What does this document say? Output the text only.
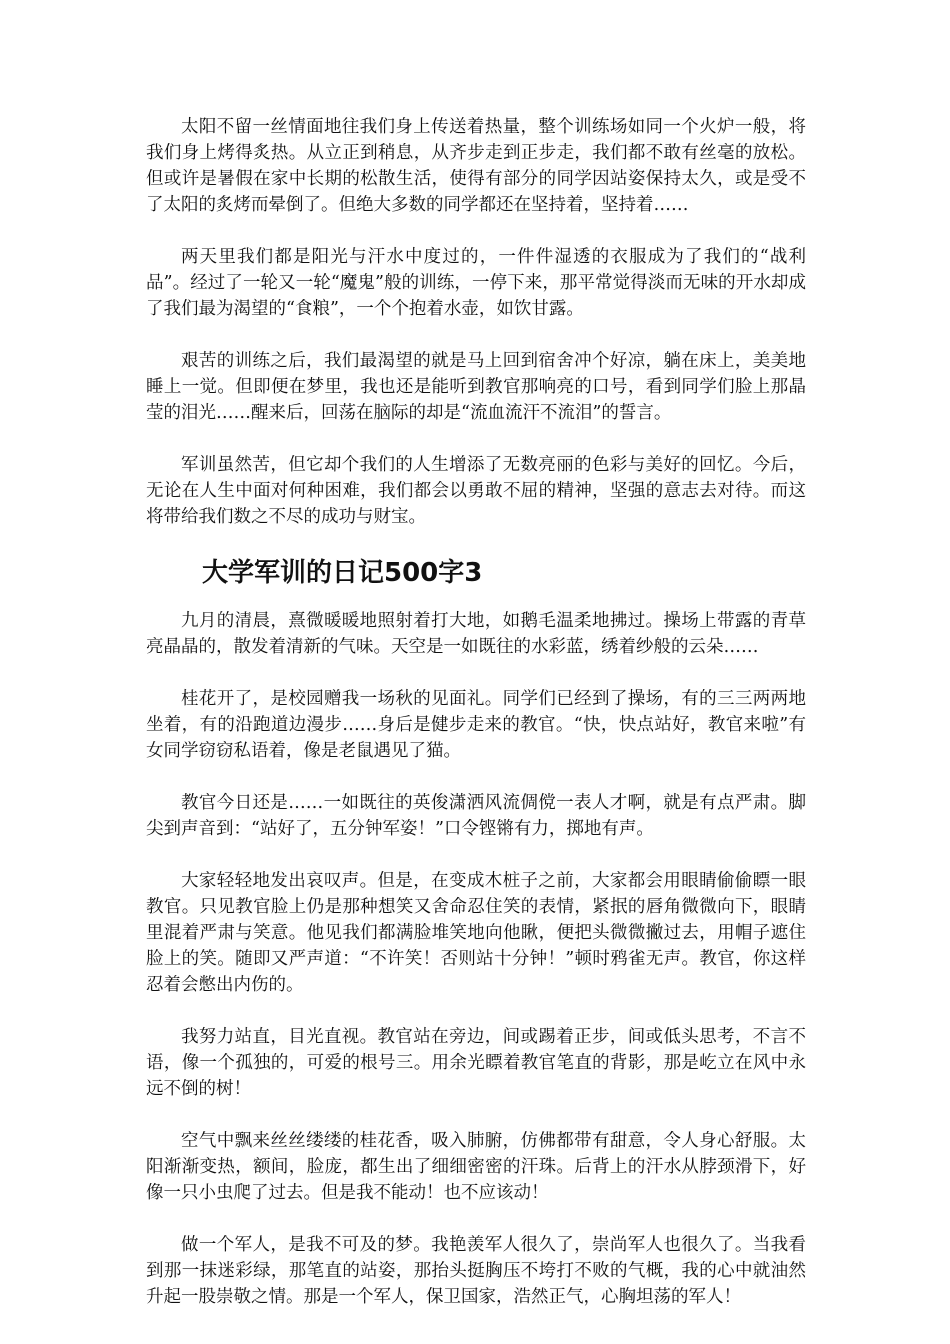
太阳不留一丝情面地往我们身上传送着热量，整个训练场如同一个火炉一般，将我们身上烤得炙热。从立正到稍息，从齐步走到正步走，我们都不敢有丝毫的放松。但或许是暑假在家中长期的松散生活，使得有部分的同学因站姿保持太久，或是受不了太阳的炙烤而晕倒了。但绝大多数的同学都还在坚持着，坚持着……

两天里我们都是阳光与汗水中度过的，一件件湿透的衣服成为了我们的“战利品”。经过了一轮又一轮“魔鬼”般的训练，一停下来，那平常觉得淡而无味的开水却成了我们最为渴望的“食粮”，一个个抱着水壶，如饮甘露。

艰苦的训练之后，我们最渴望的就是马上回到宿舍冲个好凉，躺在床上，美美地睡上一觉。但即便在梦里，我也还是能听到教官那响亮的口号，看到同学们脸上那晶莹的泪光……醒来后，回荡在脑际的却是“流血流汗不流泪”的誓言。

军训虽然苦，但它却个我们的人生增添了无数亮丽的色彩与美好的回忆。今后，无论在人生中面对何种困难，我们都会以勇敢不屈的精神，坚强的意志去对待。而这将带给我们数之不尽的成功与财宝。

大学军训的日记500字3

九月的清晨，熹微暖暖地照射着打大地，如鹅毛温柔地拂过。操场上带露的青草亮晶晶的，散发着清新的气味。天空是一如既往的水彩蓝，绣着纱般的云朵……

桂花开了，是校园赠我一场秋的见面礼。同学们已经到了操场，有的三三两两地坐着，有的沿跑道边漫步……身后是健步走来的教官。“快，快点站好，教官来啦”有女同学窃窃私语着，像是老鼠遇见了猫。

教官今日还是……一如既往的英俊潇洒风流倜傥一表人才啊，就是有点严肃。脚尖到声音到：“站好了，五分钟军姿！”口令铿锵有力，掷地有声。

大家轻轻地发出哀叹声。但是，在变成木桩子之前，大家都会用眼睛偷偷瞟一眼教官。只见教官脸上仍是那种想笑又舍命忍住笑的表情，紧抿的唇角微微向下，眼睛里混着严肃与笑意。他见我们都满脸堆笑地向他瞅，便把头微微撇过去，用帽子遮住脸上的笑。随即又严声道：“不许笑！否则站十分钟！”顿时鸦雀无声。教官，你这样忍着会憋出内伤的。

我努力站直，目光直视。教官站在旁边，间或踢着正步，间或低头思考，不言不语，像一个孤独的，可爱的根号三。用余光瞟着教官笔直的背影，那是屹立在风中永远不倒的树！

空气中飘来丝丝缕缕的桂花香，吸入肺腑，仿佛都带有甜意，令人身心舒服。太阳渐渐变热，额间，脸庞，都生出了细细密密的汗珠。后背上的汗水从脖颈滑下，好像一只小虫爬了过去。但是我不能动！也不应该动！

做一个军人，是我不可及的梦。我艳羡军人很久了，崇尚军人也很久了。当我看到那一抹迷彩绿，那笔直的站姿，那抬头挺胸压不垮打不败的气概，我的心中就油然升起一股崇敬之情。那是一个军人，保卫国家，浩然正气，心胸坦荡的军人！
